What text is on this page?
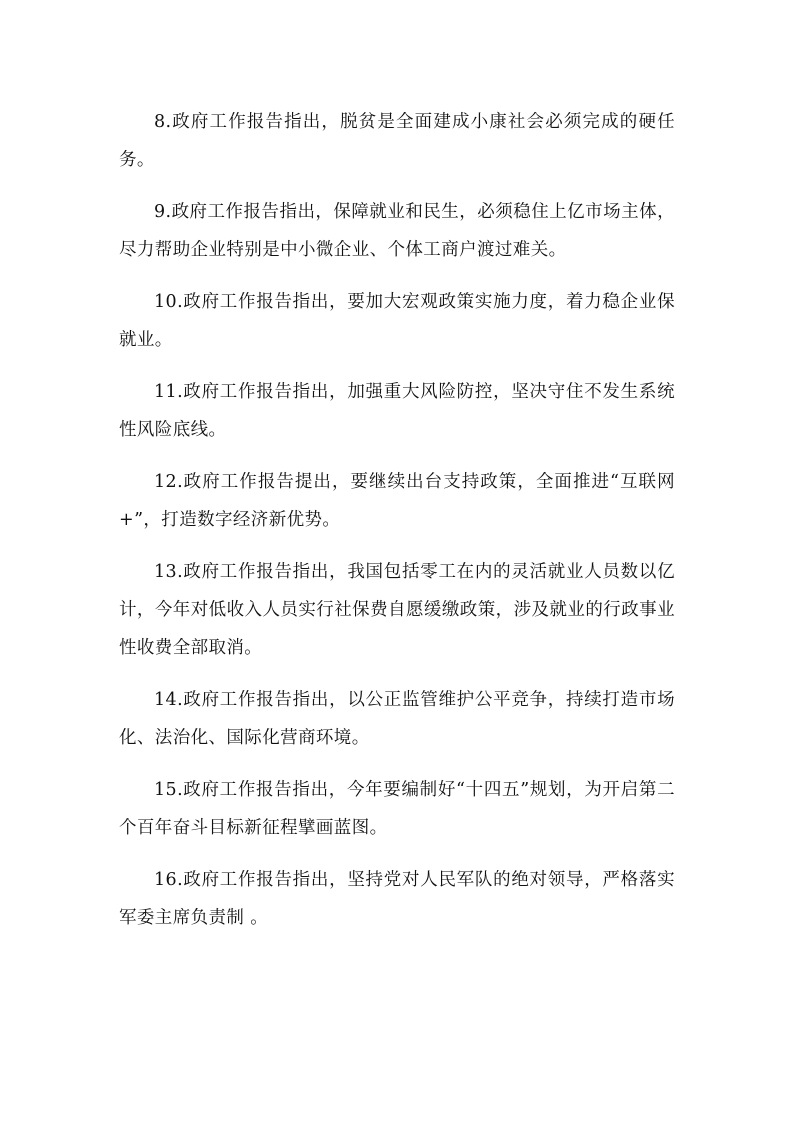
8.政府工作报告指出，脱贫是全面建成小康社会必须完成的硬任务。

9.政府工作报告指出，保障就业和民生，必须稳住上亿市场主体，尽力帮助企业特别是中小微企业、个体工商户渡过难关。

10.政府工作报告指出，要加大宏观政策实施力度，着力稳企业保就业。

11.政府工作报告指出，加强重大风险防控，坚决守住不发生系统性风险底线。

12.政府工作报告提出，要继续出台支持政策，全面推进“互联网+”，打造数字经济新优势。

13.政府工作报告指出，我国包括零工在内的灵活就业人员数以亿计，今年对低收入人员实行社保费自愿缓缴政策，涉及就业的行政事业性收费全部取消。

14.政府工作报告指出，以公正监管维护公平竞争，持续打造市场化、法治化、国际化营商环境。

15.政府工作报告指出，今年要编制好“十四五”规划，为开启第二个百年奋斗目标新征程擘画蓝图。

16.政府工作报告指出，坚持党对人民军队的绝对领导，严格落实 军委主席负责制 。
